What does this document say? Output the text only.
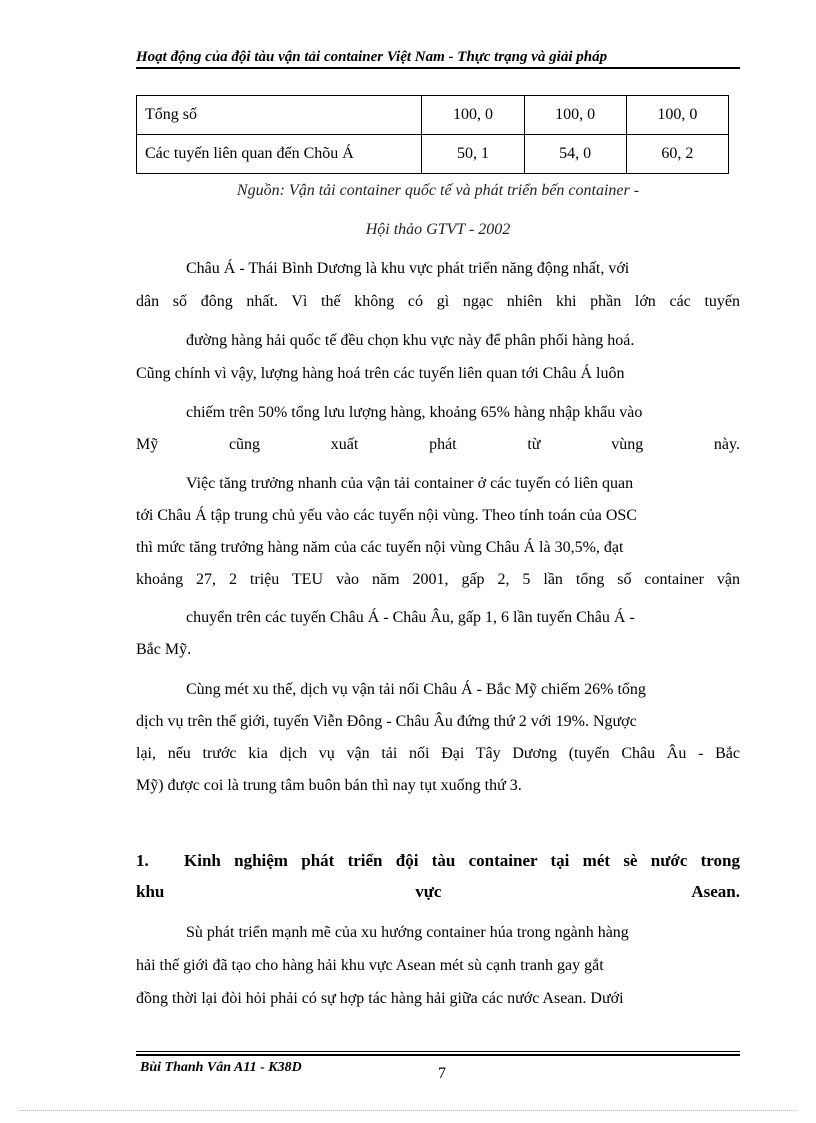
Hoạt động của đội tàu vận tải container Việt Nam - Thực trạng và giải pháp
Tổng số	100, 0	100, 0	100, 0
Các tuyến liên quan đến Chõu Á	50, 1	54, 0	60, 2
Nguồn: Vận tải container quốc tế và phát triển bến container -
Hội thảo GTVT - 2002
Châu Á - Thái Bình Dương là khu vực phát triển năng động nhất, với
dân số đông nhất. Vì thế không có gì ngạc nhiên khi phần lớn các tuyến
đường hàng hải quốc tế đều chọn khu vực này để phân phối hàng hoá.
Cũng chính vì vậy, lượng hàng hoá trên các tuyến liên quan tới Châu Á luôn
chiếm trên 50% tổng lưu lượng hàng, khoảng 65% hàng nhập khẩu vào
Mỹ cũng xuất phát từ vùng này.
Việc tăng trưởng nhanh của vận tải container ở các tuyến có liên quan
tới Châu Á tập trung chủ yếu vào các tuyến nội vùng. Theo tính toán của OSC
thì mức tăng trưởng hàng năm của các tuyến nội vùng Châu Á là 30,5%, đạt
khoảng 27, 2 triệu TEU vào năm 2001, gấp 2, 5 lần tổng số container vận
chuyển trên các tuyến Châu Á - Châu Âu, gấp 1, 6 lần tuyến Châu Á -
Bắc Mỹ.
Cùng mét xu thế, dịch vụ vận tải nối Châu Á - Bắc Mỹ chiếm 26% tổng
dịch vụ trên thế giới, tuyến Viễn Đông - Châu Âu đứng thứ 2 với 19%. Ngược
lại, nếu trước kia dịch vụ vận tải nối Đại Tây Dương (tuyến Châu Âu - Bắc
Mỹ) được coi là trung tâm buôn bán thì nay tụt xuống thứ 3.
1. Kinh nghiệm phát triển đội tàu container tại mét sè nước trong
khu vực Asean.
Sù phát triển mạnh mẽ của xu hướng container húa trong ngành hàng
hải thế giới đã tạo cho hàng hải khu vực Asean mét sù cạnh tranh gay gắt
đồng thời lại đòi hỏi phải có sự hợp tác hàng hải giữa các nước Asean. Dưới
Bùi Thanh Vân A11 - K38D	7
